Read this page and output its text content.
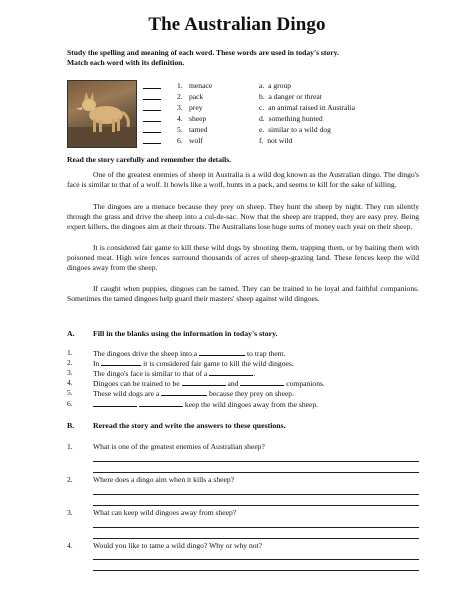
The Australian Dingo
Study the spelling and meaning of each word. These words are used in today's story.
Match each word with its definition.
1. menace	a. a group
2. pack	b. a danger or threat
3. prey	c. an animal raised in Australia
4. sheep	d. something hunted
5. tamed	e. similar to a wild dog
6. wolf	f. not wild
Read the story carefully and remember the details.
One of the greatest enemies of sheep in Australia is a wild dog known as the Australian dingo. The dingo's face is similar to that of a wolf. It howls like a wolf, hunts in a pack, and seems to kill for the sake of killing.
The dingoes are a menace because they prey on sheep. They hunt the sheep by night. They run silently through the grass and drive the sheep into a cul-de-sac. Now that the sheep are trapped, they are easy prey. Being expert killers, the dingoes aim at their throats. The Australians lose huge sums of money each year on their sheep.
It is considered fair game to kill these wild dogs by shooting them, trapping them, or by baiting them with poisoned meat. High wire fences surround thousands of acres of sheep-grazing land. These fences keep the wild dingoes away from the sheep.
If caught when puppies, dingoes can be tamed. They can be trained to be loyal and faithful companions. Sometimes the tamed dingoes help guard their masters' sheep against wild dingoes.
A. Fill in the blanks using the information in today's story.
1.	The dingoes drive the sheep into a	to trap them.
2.	In	it is considered fair game to kill the wild dingoes.
3.	The dingo's face is similar to that of a	.
4.	Dingoes can be trained to be	and	companions.
5.	These wild dogs are a	because they prey on sheep.
6.	keep the wild dingoes away from the sheep.
B. Reread the story and write the answers to these questions.
1.	What is one of the greatest enemies of Australian sheep?
2.	Where does a dingo aim when it kills a sheep?
3.	What can keep wild dingoes away from sheep?
4.	Would you like to tame a wild dingo? Why or why not?
